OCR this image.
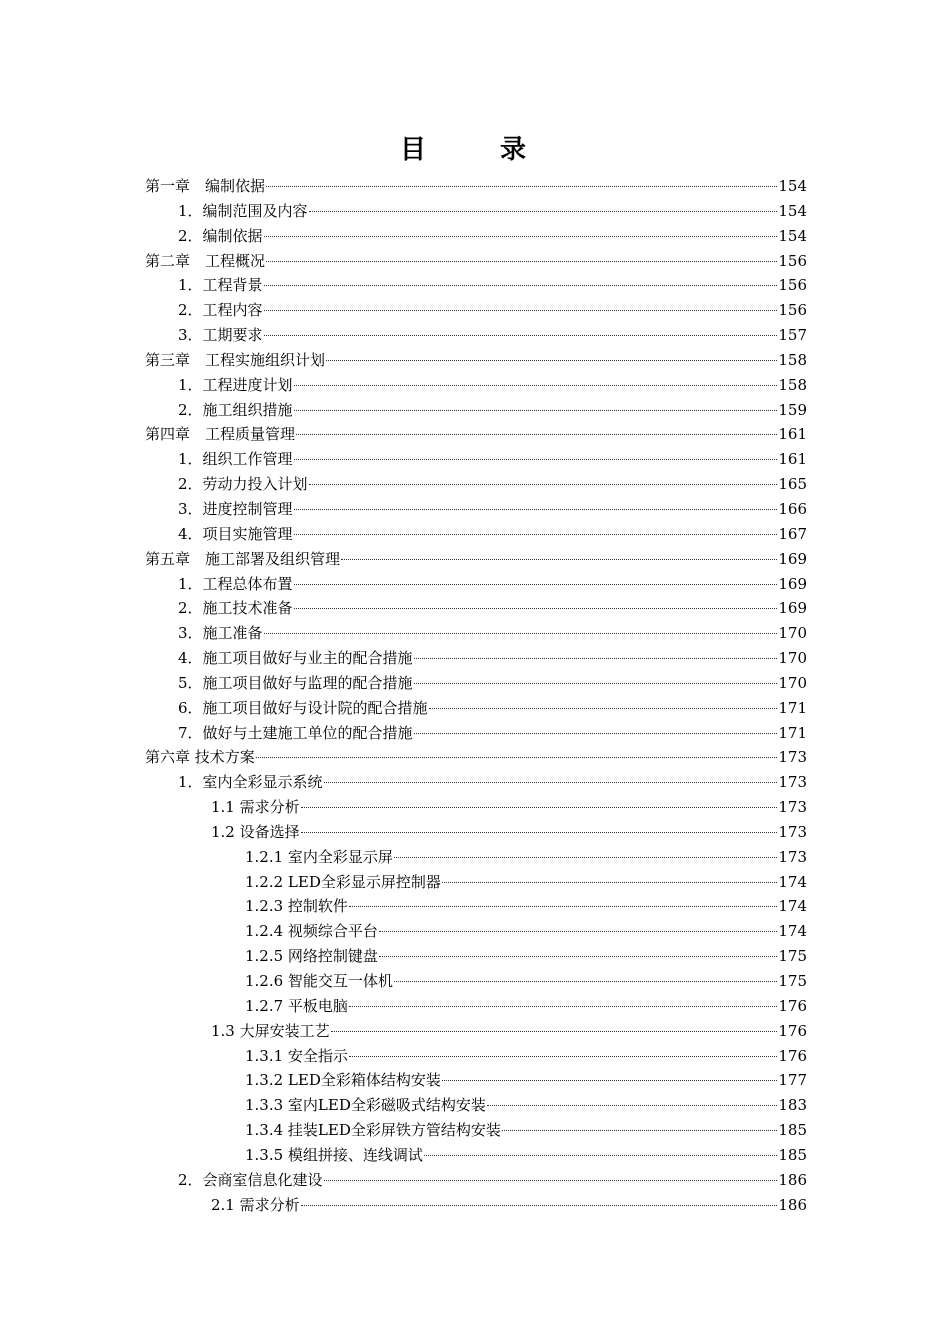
目　录
第一章　编制依据	154
1．编制范围及内容	154
2．编制依据	154
第二章　工程概况	156
1．工程背景	156
2．工程内容	156
3．工期要求	157
第三章　工程实施组织计划	158
1．工程进度计划	158
2．施工组织措施	159
第四章　工程质量管理	161
1．组织工作管理	161
2．劳动力投入计划	165
3．进度控制管理	166
4．项目实施管理	167
第五章　施工部署及组织管理	169
1．工程总体布置	169
2．施工技术准备	169
3．施工准备	170
4．施工项目做好与业主的配合措施	170
5．施工项目做好与监理的配合措施	170
6．施工项目做好与设计院的配合措施	171
7．做好与土建施工单位的配合措施	171
第六章 技术方案	173
1．室内全彩显示系统	173
1.1 需求分析	173
1.2 设备选择	173
1.2.1 室内全彩显示屏	173
1.2.2 LED全彩显示屏控制器	174
1.2.3 控制软件	174
1.2.4 视频综合平台	174
1.2.5 网络控制键盘	175
1.2.6 智能交互一体机	175
1.2.7 平板电脑	176
1.3 大屏安装工艺	176
1.3.1 安全指示	176
1.3.2 LED全彩箱体结构安装	177
1.3.3 室内LED全彩磁吸式结构安装	183
1.3.4 挂装LED全彩屏铁方管结构安装	185
1.3.5 模组拼接、连线调试	185
2．会商室信息化建设	186
2.1 需求分析	186
